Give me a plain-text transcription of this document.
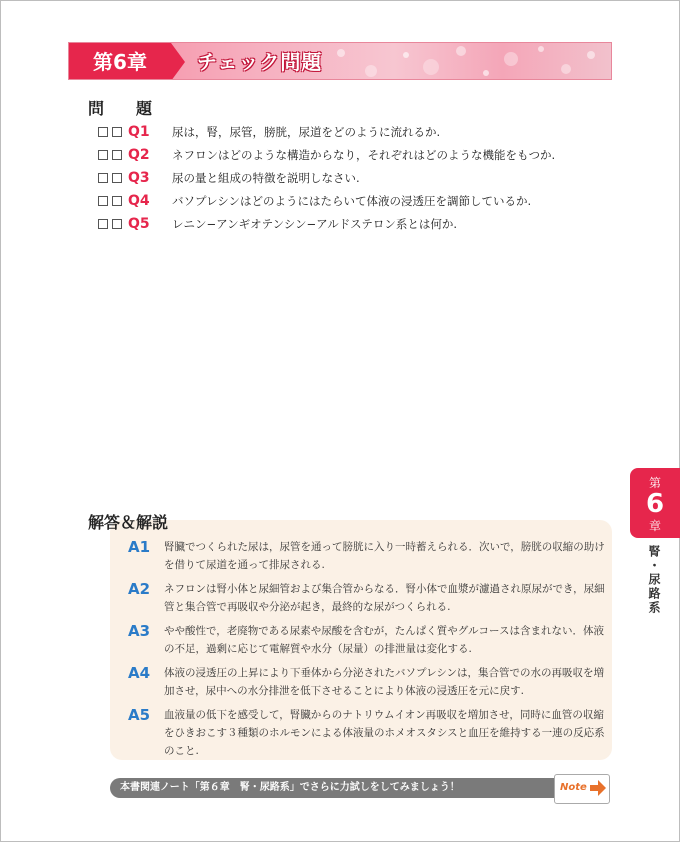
第6章	チェック問題
問　題
Q1	尿は，腎，尿管，膀胱，尿道をどのように流れるか.
Q2	ネフロンはどのような構造からなり，それぞれはどのような機能をもつか.
Q3	尿の量と組成の特徴を説明しなさい.
Q4	バソプレシンはどのようにはたらいて体液の浸透圧を調節しているか.
Q5	レニン−アンギオテンシン−アルドステロン系とは何か.
第
6
章
腎・尿路系
解答＆解説
A1	腎臓でつくられた尿は，尿管を通って膀胱に入り一時蓄えられる．次いで，膀胱の収縮の助けを借りて尿道を通って排尿される.
A2	ネフロンは腎小体と尿細管および集合管からなる．腎小体で血漿が濾過され原尿ができ，尿細管と集合管で再吸収や分泌が起き，最終的な尿がつくられる.
A3	やや酸性で，老廃物である尿素や尿酸を含むが，たんぱく質やグルコースは含まれない．体液の不足，過剰に応じて電解質や水分（尿量）の排泄量は変化する.
A4	体液の浸透圧の上昇により下垂体から分泌されたバソプレシンは，集合管での水の再吸収を増加させ，尿中への水分排泄を低下させることにより体液の浸透圧を元に戻す.
A5	血液量の低下を感受して，腎臓からのナトリウムイオン再吸収を増加させ，同時に血管の収縮をひきおこす３種類のホルモンによる体液量のホメオスタシスと血圧を維持する一連の反応系のこと.
本書関連ノート「第６章　腎・尿路系」でさらに力試しをしてみましょう！	Note
